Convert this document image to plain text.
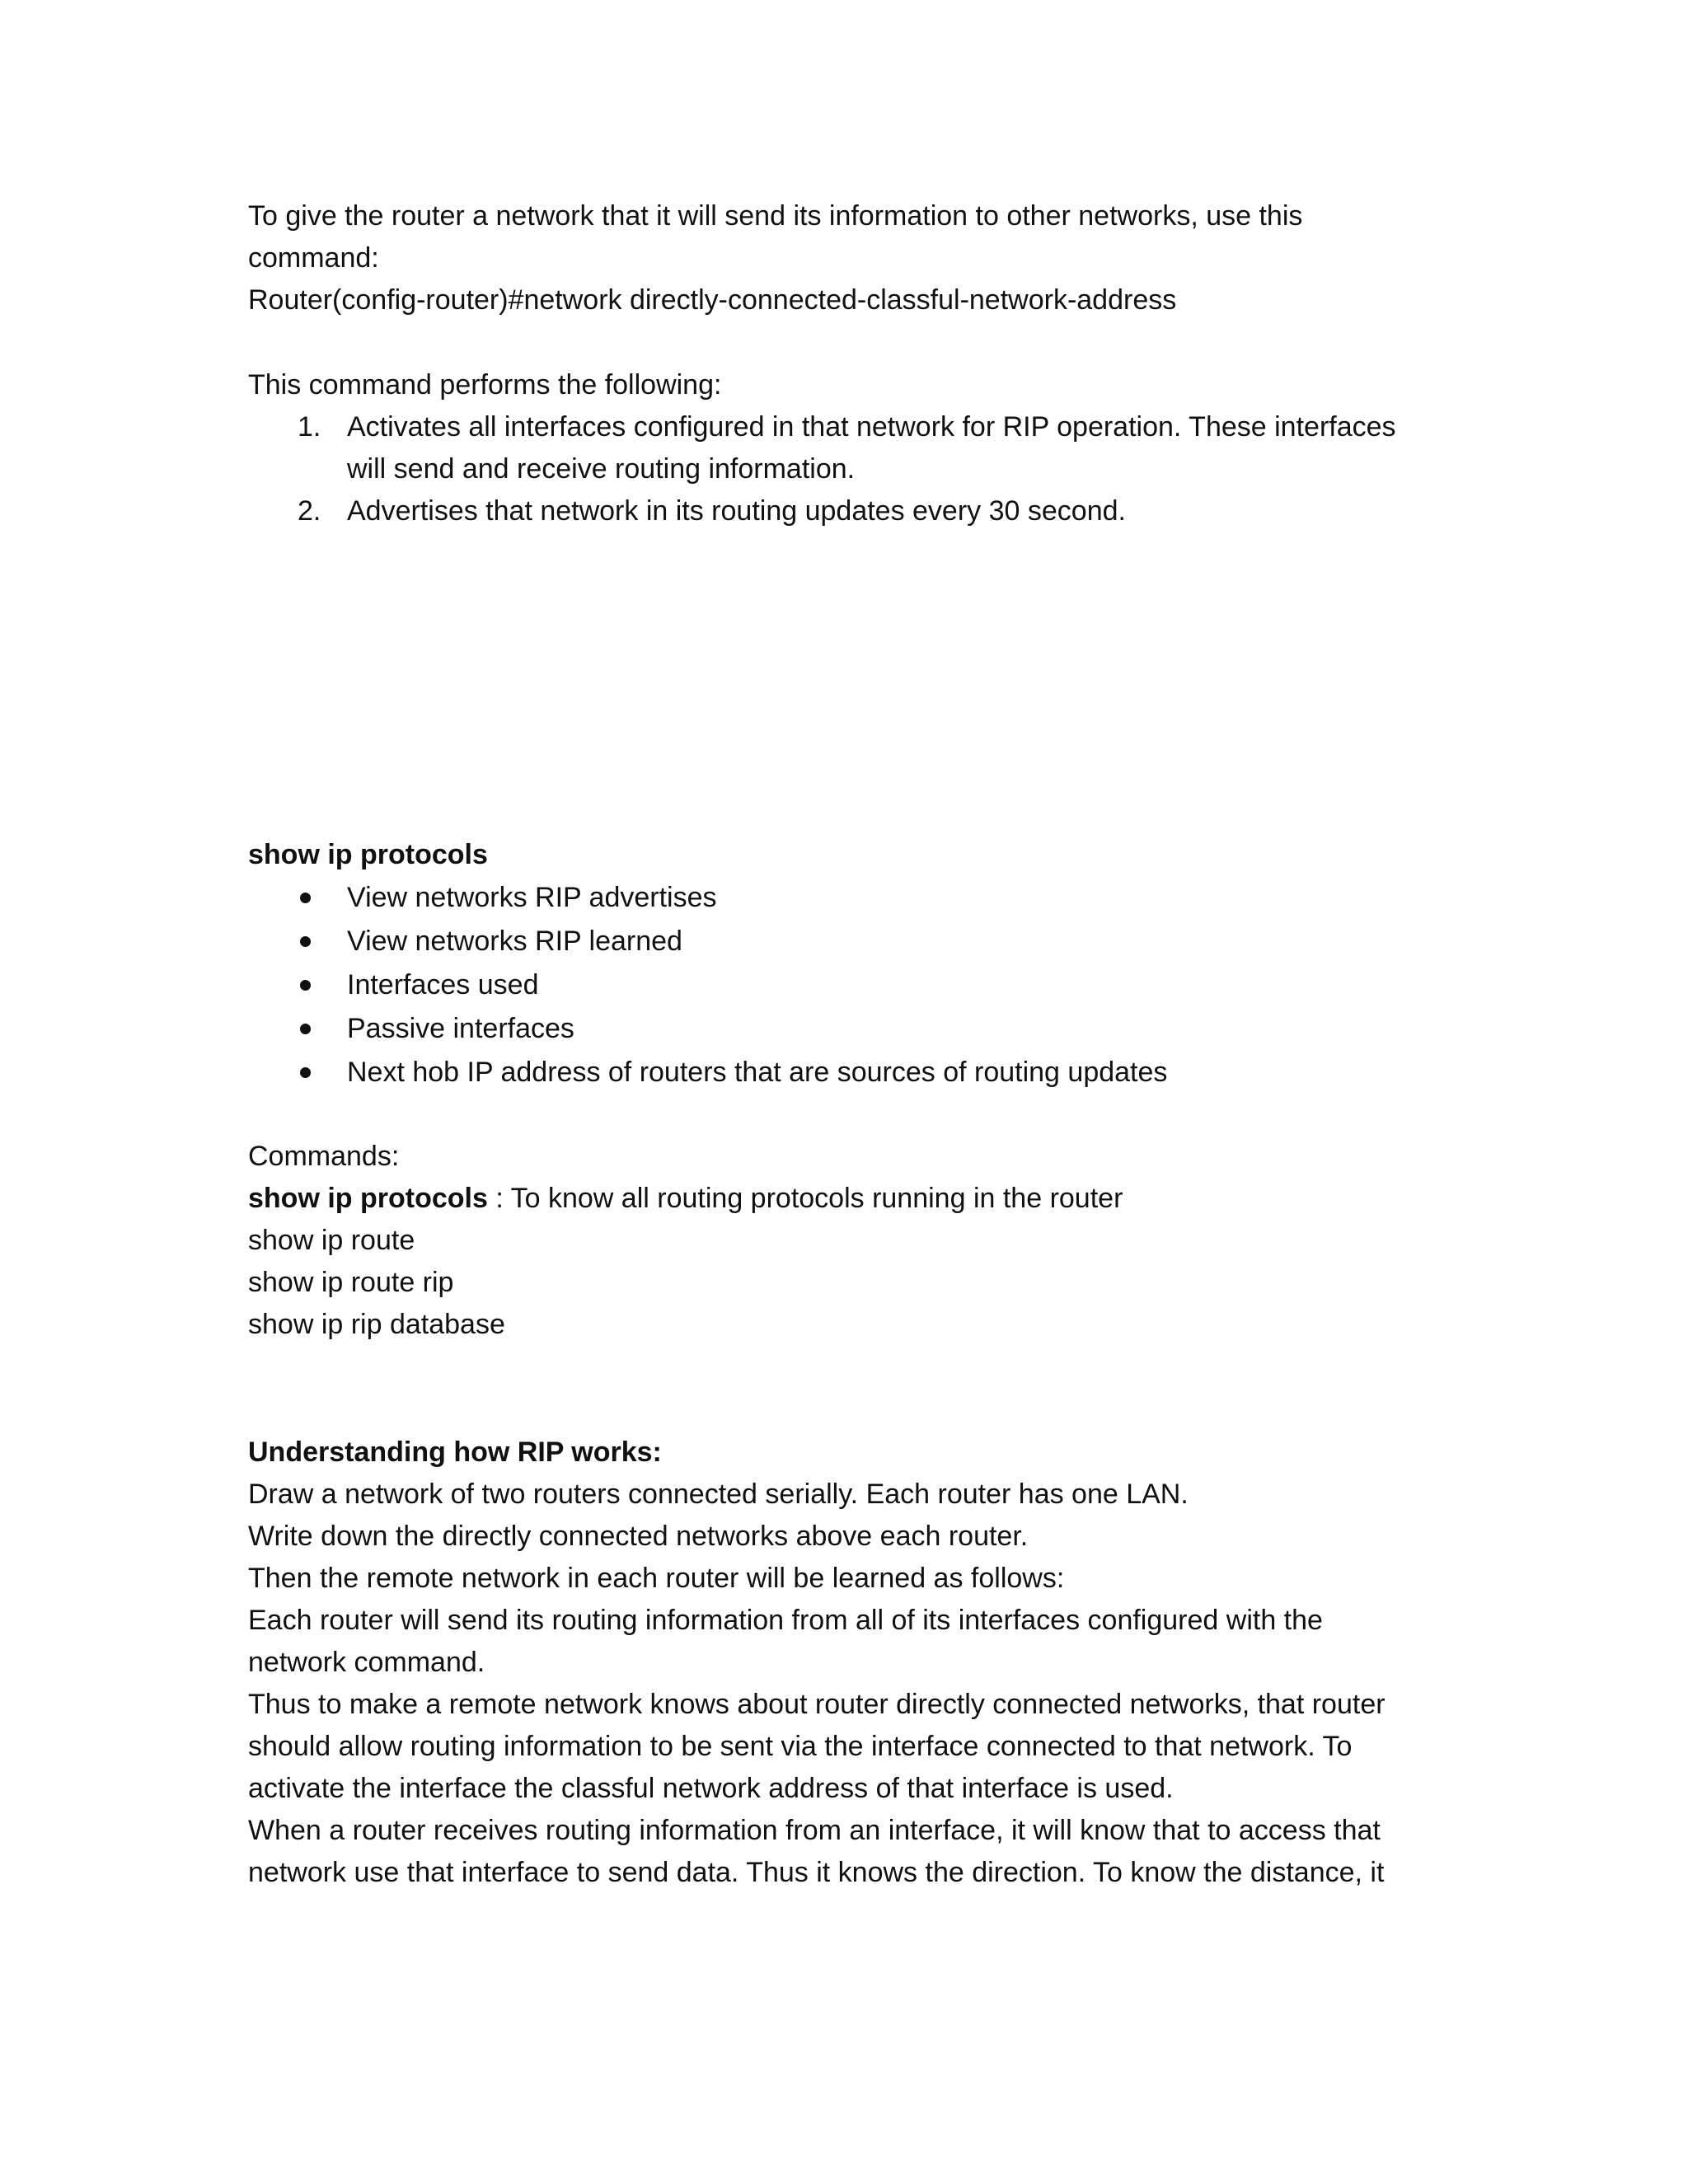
To give the router a network that it will send its information to other networks, use this
command:
Router(config-router)#network directly-connected-classful-network-address
This command performs the following:
1. Activates all interfaces configured in that network for RIP operation. These interfaces
will send and receive routing information.
2. Advertises that network in its routing updates every 30 second.
show ip protocols
View networks RIP advertises
View networks RIP learned
Interfaces used
Passive interfaces
Next hob IP address of routers that are sources of routing updates
Commands:
show ip protocols : To know all routing protocols running in the router
show ip route
show ip route rip
show ip rip database
Understanding how RIP works:
Draw a network of two routers connected serially. Each router has one LAN.
Write down the directly connected networks above each router.
Then the remote network in each router will be learned as follows:
Each router will send its routing information from all of its interfaces configured with the
network command.
Thus to make a remote network knows about router directly connected networks, that router
should allow routing information to be sent via the interface connected to that network. To
activate the interface the classful network address of that interface is used.
When a router receives routing information from an interface, it will know that to access that
network use that interface to send data. Thus it knows the direction. To know the distance, it
